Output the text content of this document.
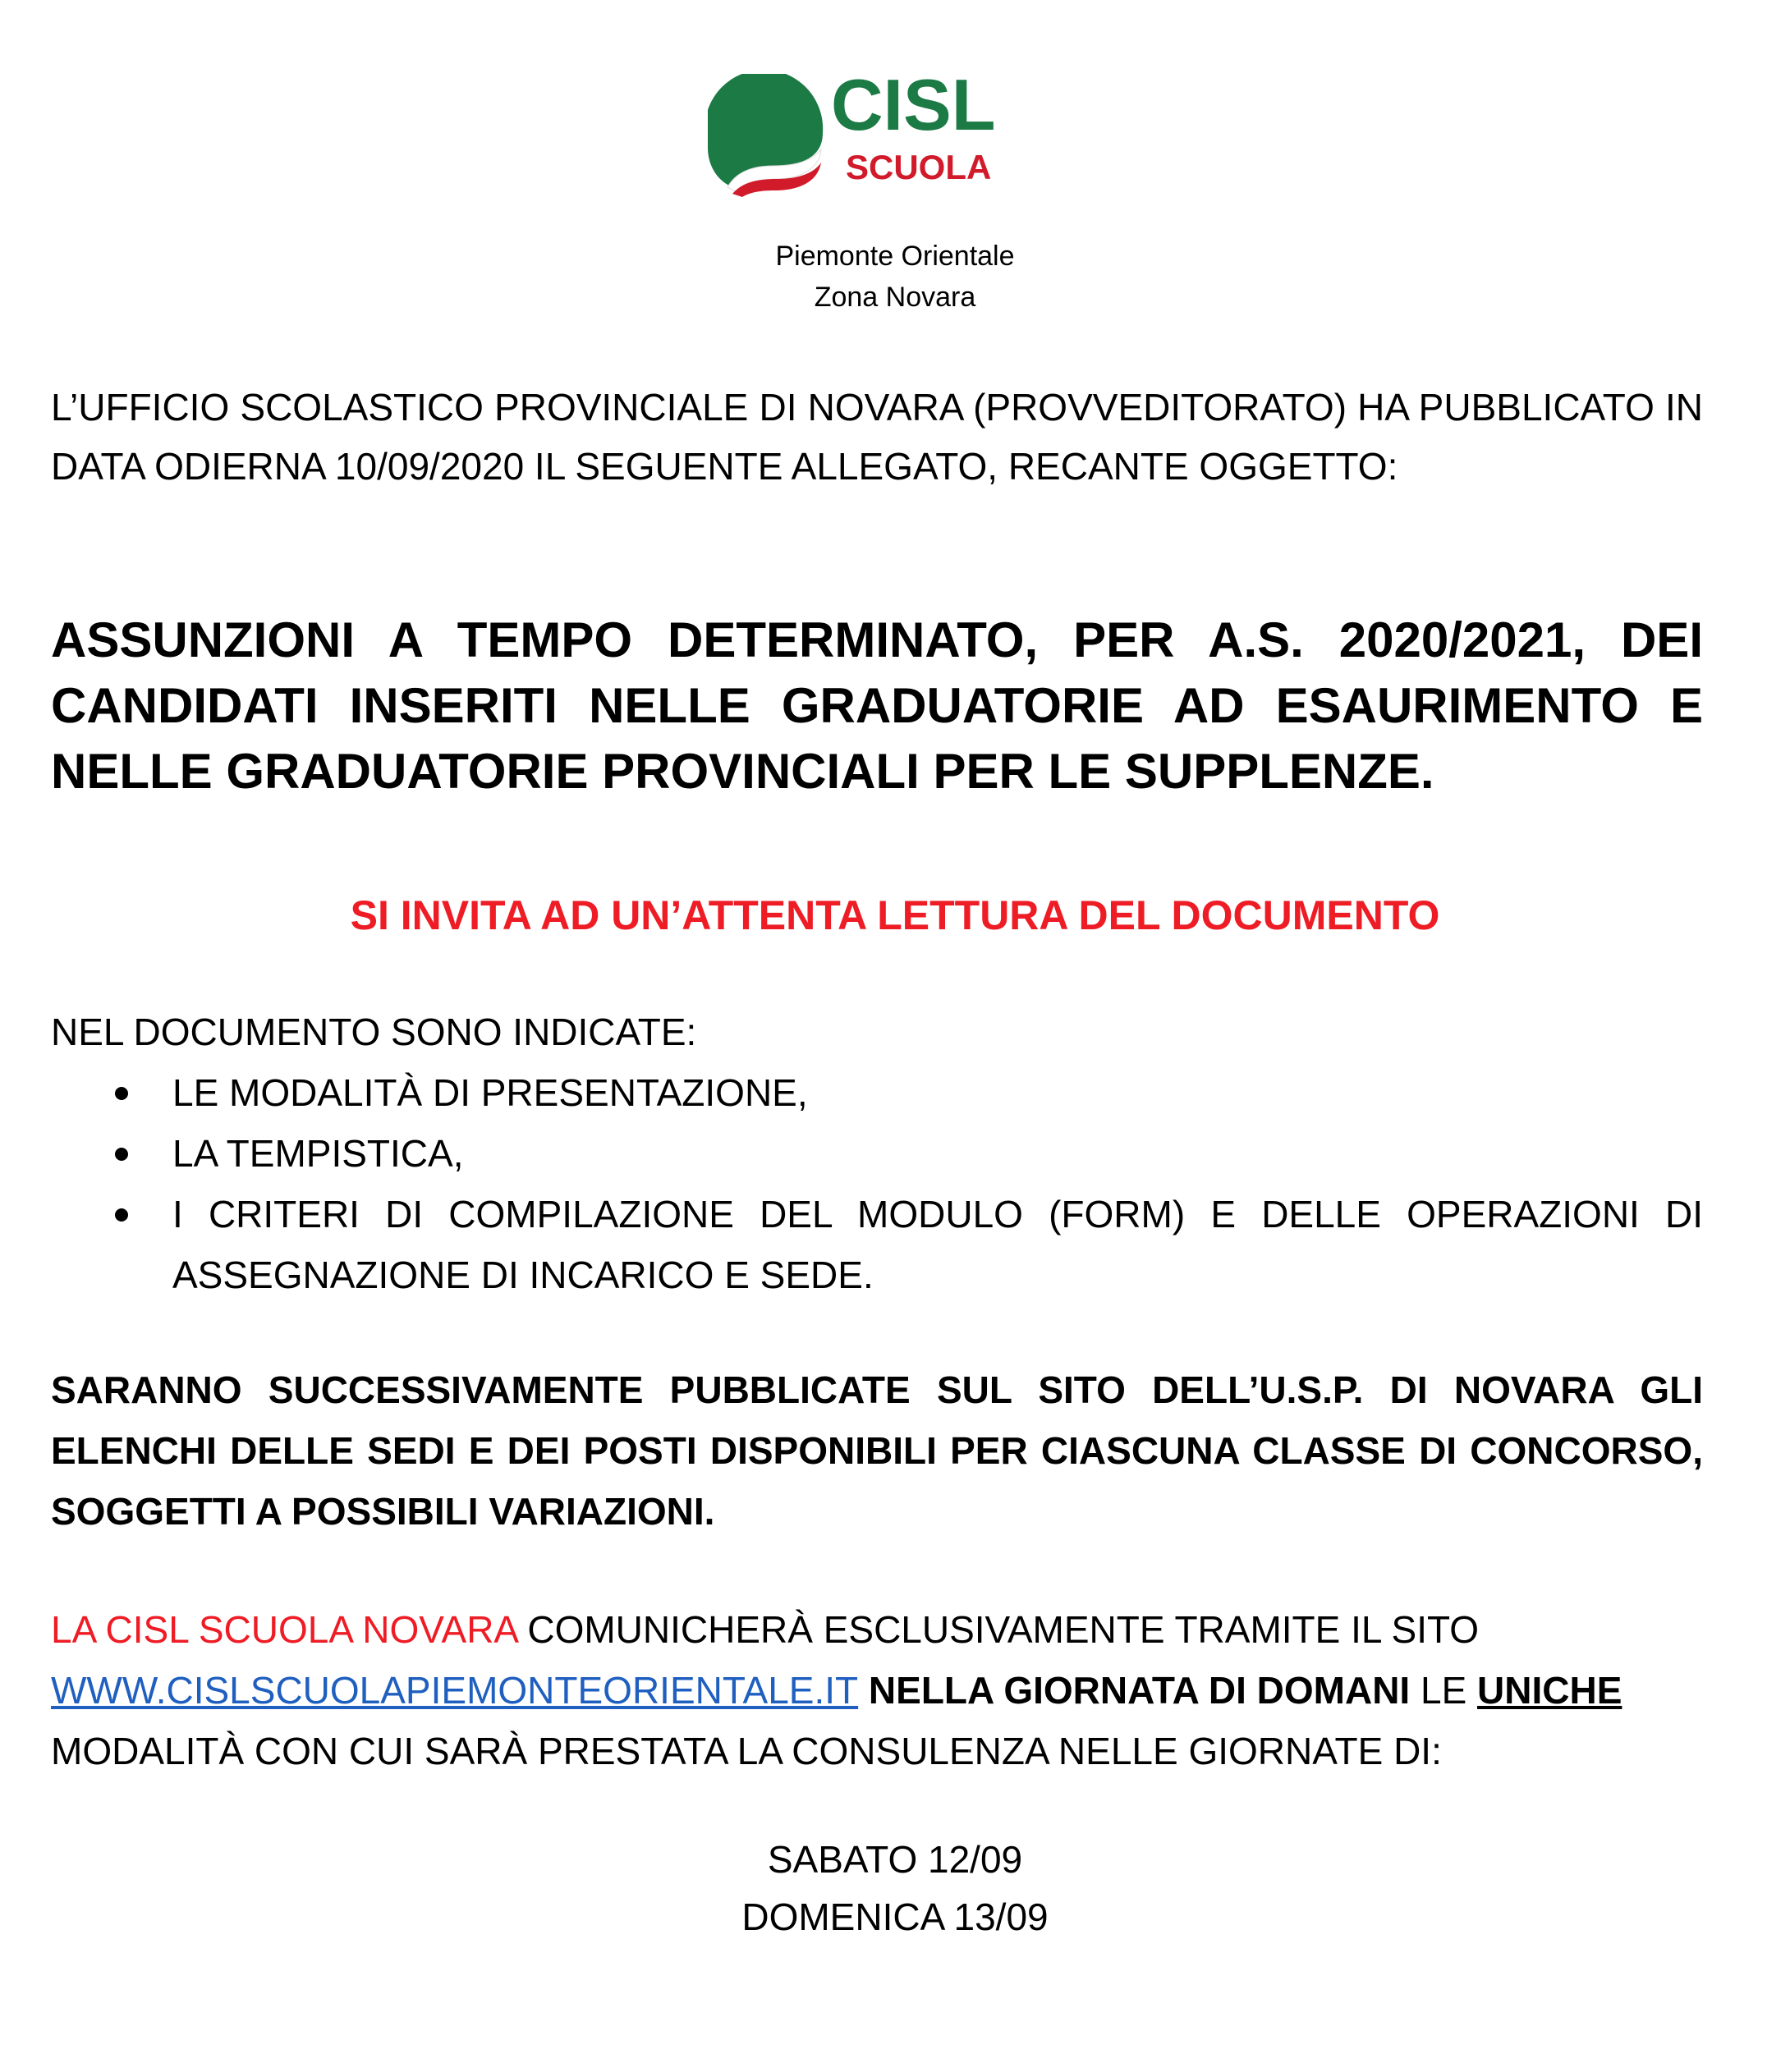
CISL
SCUOLA
Piemonte Orientale
Zona Novara
L’UFFICIO SCOLASTICO PROVINCIALE DI NOVARA (PROVVEDITORATO) HA PUBBLICATO IN DATA ODIERNA 10/09/2020 IL SEGUENTE ALLEGATO, RECANTE OGGETTO:
ASSUNZIONI A TEMPO DETERMINATO, PER A.S. 2020/2021, DEI CANDIDATI INSERITI NELLE GRADUATORIE AD ESAURIMENTO E NELLE GRADUATORIE PROVINCIALI PER LE SUPPLENZE.
SI INVITA AD UN’ATTENTA LETTURA DEL DOCUMENTO
NEL DOCUMENTO SONO INDICATE:
LE MODALITÀ DI PRESENTAZIONE,
LA TEMPISTICA,
I CRITERI DI COMPILAZIONE DEL MODULO (FORM) E DELLE OPERAZIONI DI ASSEGNAZIONE DI INCARICO E SEDE.
SARANNO SUCCESSIVAMENTE PUBBLICATE SUL SITO DELL’U.S.P. DI NOVARA GLI ELENCHI DELLE SEDI E DEI POSTI DISPONIBILI PER CIASCUNA CLASSE DI CONCORSO, SOGGETTI A POSSIBILI VARIAZIONI.
LA CISL SCUOLA NOVARA COMUNICHERÀ ESCLUSIVAMENTE TRAMITE IL SITO WWW.CISLSCUOLAPIEMONTEORIENTALE.IT NELLA GIORNATA DI DOMANI LE UNICHE MODALITÀ CON CUI SARÀ PRESTATA LA CONSULENZA NELLE GIORNATE DI:
SABATO 12/09
DOMENICA 13/09
